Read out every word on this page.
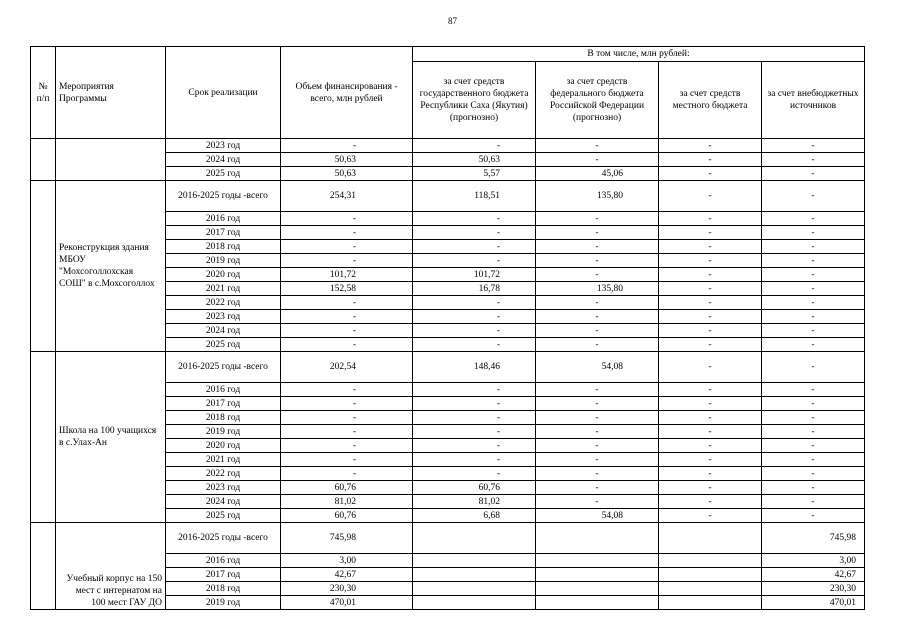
87
№ п/п	Мероприятия Программы	Срок реализации	Объем финансирования - всего, млн рублей	В том числе, млн рублей:			
				за счет средств государственного бюджета Республики Саха (Якутия) (прогнозно)	за счет средств федерального бюджета Российской Федерации (прогнозно)	за счет средств местного бюджета	за счет внебюджетных источников
		2023 год	-	-	-	-	-
		2024 год	50,63	50,63	-	-	-
		2025 год	50,63	5,57	45,06	-	-
	Реконструкция здания МБОУ "Мохсоголлохская СОШ" в с.Мохсоголлох	2016-2025 годы -всего	254,31	118,51	135,80	-	-
		2016 год	-	-	-	-	-
		2017 год	-	-	-	-	-
		2018 год	-	-	-	-	-
		2019 год	-	-	-	-	-
		2020 год	101,72	101,72	-	-	-
		2021 год	152,58	16,78	135,80	-	-
		2022 год	-	-	-	-	-
		2023 год	-	-	-	-	-
		2024 год	-	-	-	-	-
		2025 год	-	-	-	-	-
	Школа на 100 учащихся в с.Улах-Ан	2016-2025 годы -всего	202,54	148,46	54,08	-	-
		2016 год	-	-	-	-	-
		2017 год	-	-	-	-	-
		2018 год	-	-	-	-	-
		2019 год	-	-	-	-	-
		2020 год	-	-	-	-	-
		2021 год	-	-	-	-	-
		2022 год	-	-	-	-	-
		2023 год	60,76	60,76	-	-	-
		2024 год	81,02	81,02	-	-	-
		2025 год	60,76	6,68	54,08	-	-
	Учебный корпус на 150 мест с интернатом на 100 мест ГАУ ДО	2016-2025 годы -всего	745,98				745,98
		2016 год	3,00				3,00
		2017 год	42,67				42,67
		2018 год	230,30				230,30
		2019 год	470,01				470,01
